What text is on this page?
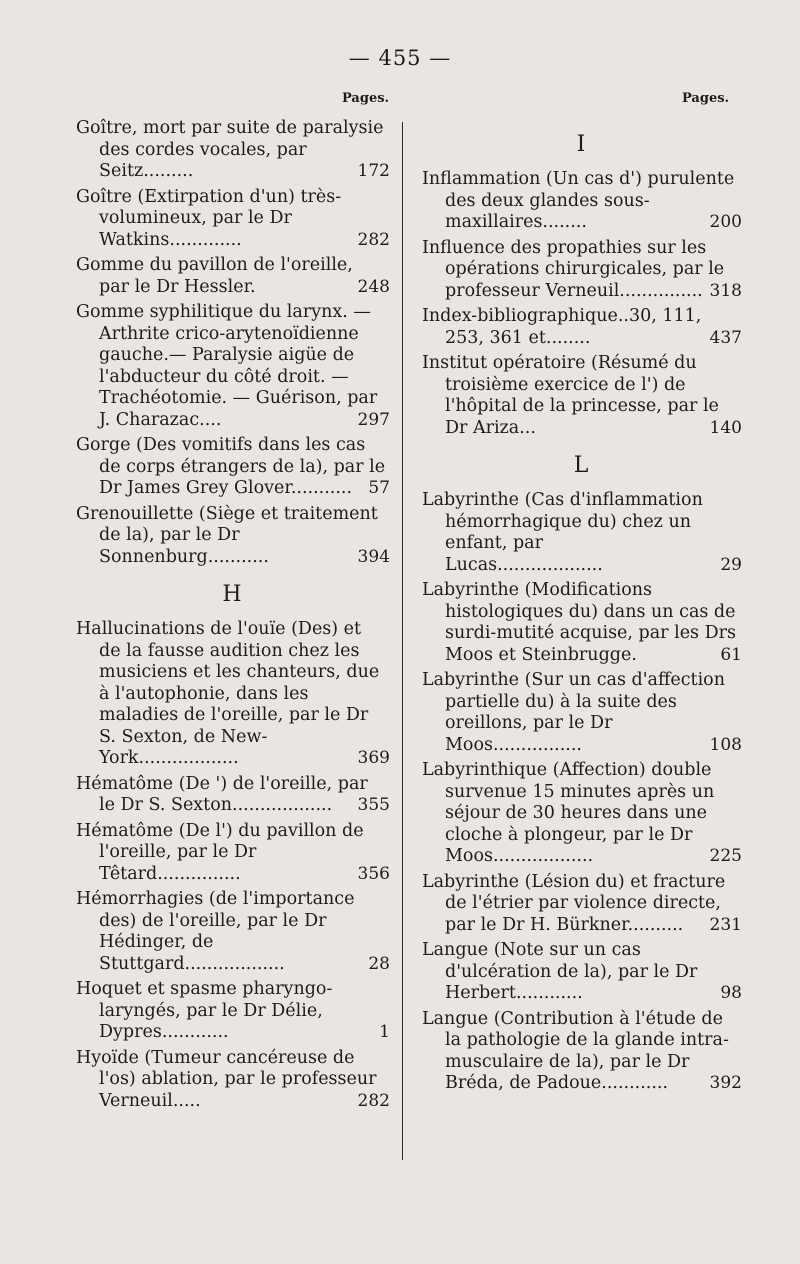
— 455 —
Pages.	Pages.
Goître, mort par suite de paralysie des cordes vocales, par Seitz.........  	172
Goître (Extirpation d'un) très-volumineux, par le Dr Watkins.............  	282
Gomme du pavillon de l'oreille, par le Dr Hessler.  	248
Gomme syphilitique du larynx. — Arthrite crico-arytenoïdienne gauche.— Paralysie aigüe de l'abducteur du côté droit. — Trachéotomie. — Guérison, par J. Charazac....  	297
Gorge (Des vomitifs dans les cas de corps étrangers de la), par le Dr James Grey Glover...........   57
Grenouillette (Siège et traitement de la), par le Dr Sonnenburg...........  	394
H
Hallucinations de l'ouïe (Des) et de la fausse audition chez les musiciens et les chanteurs, due à l'autophonie, dans les maladies de l'oreille, par le Dr S. Sexton, de New-York..................  	369
Hématôme (De ') de l'oreille, par le Dr S. Sexton..................   355
Hématôme (De l') du pavillon de l'oreille, par le Dr Têtard...............  	356
Hémorrhagies (de l'importance des) de l'oreille, par le Dr Hédinger, de Stuttgard..................  	28
Hoquet et spasme pharyngo-laryngés, par le Dr Délie, Dypres............  	1
Hyoïde (Tumeur cancéreuse de l'os) ablation, par le professeur Verneuil.....  	282
I
Inflammation (Un cas d') purulente des deux glandes sous-maxillaires........  	200
Influence des propathies sur les opérations chirurgicales, par le professeur Verneuil...............   318
Index-bibliographique..30, 111, 253, 361 et........  	437
Institut opératoire (Résumé du troisième exercice de l') de l'hôpital de la princesse, par le Dr Ariza...  	140
L
Labyrinthe (Cas d'inflammation hémorrhagique du) chez un enfant, par Lucas...................  	29
Labyrinthe (Modifications histologiques du) dans un cas de surdi-mutité acquise, par les Drs Moos et Steinbrugge.  	61
Labyrinthe (Sur un cas d'affection partielle du) à la suite des oreillons, par le Dr Moos................  	108
Labyrinthique (Affection) double survenue 15 minutes après un séjour de 30 heures dans une cloche à plongeur, par le Dr Moos..................  	225
Labyrinthe (Lésion du) et fracture de l'étrier par violence directe, par le Dr H. Bürkner..........   231
Langue (Note sur un cas d'ulcération de la), par le Dr Herbert............  	98
Langue (Contribution à l'étude de la pathologie de la glande intra-musculaire de la), par le Dr Bréda, de Padoue............   392
